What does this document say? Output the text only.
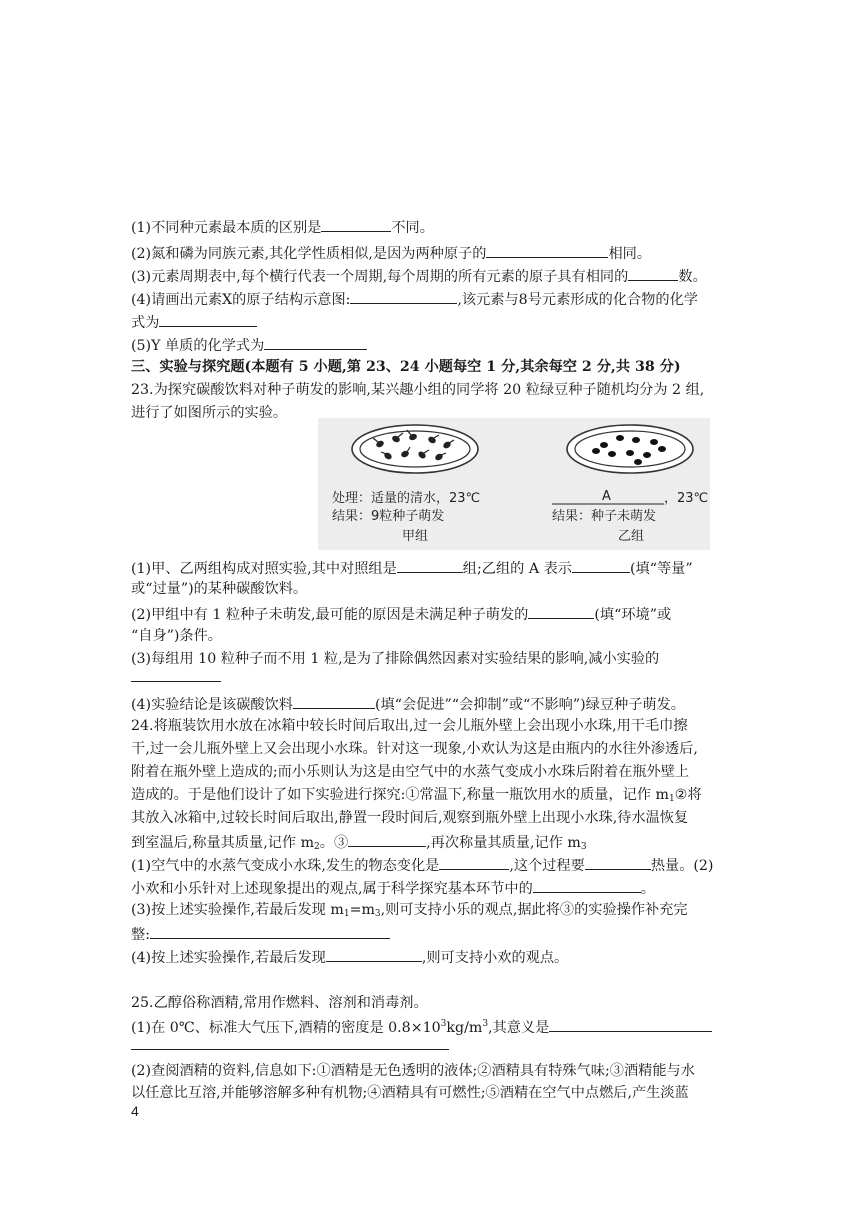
(1)不同种元素最本质的区别是	不同。
(2)氮和磷为同族元素,其化学性质相似,是因为两种原子的	相同。
(3)元素周期表中,每个横行代表一个周期,每个周期的所有元素的原子具有相同的	数。
(4)请画出元素X的原子结构示意图:	,该元素与8号元素形成的化合物的化学
式为
(5)Y 单质的化学式为
三、实验与探究题(本题有 5 小题,第 23、24 小题每空 1 分,其余每空 2 分,共 38 分)
23.为探究碳酸饮料对种子萌发的影响,某兴趣小组的同学将 20 粒绿豆种子随机均分为 2 组,
进行了如图所示的实验。
处理：适量的清水，23℃
结果：9粒种子萌发
甲组
A	，23℃
结果：种子未萌发
乙组
(1)甲、乙两组构成对照实验,其中对照组是	组;乙组的 A 表示	(填“等量”
或“过量”)的某种碳酸饮料。
(2)甲组中有 1 粒种子未萌发,最可能的原因是未满足种子萌发的	(填“环境”或
“自身”)条件。
(3)每组用 10 粒种子而不用 1 粒,是为了排除偶然因素对实验结果的影响,减小实验的
(4)实验结论是该碳酸饮料	(填“会促进”“会抑制”或“不影响”)绿豆种子萌发。
24.将瓶装饮用水放在冰箱中较长时间后取出,过一会儿瓶外壁上会出现小水珠,用干毛巾擦
干,过一会儿瓶外壁上又会出现小水珠。针对这一现象,小欢认为这是由瓶内的水往外渗透后,
附着在瓶外壁上造成的;而小乐则认为这是由空气中的水蒸气变成小水珠后附着在瓶外壁上
造成的。于是他们设计了如下实验进行探究:①常温下,称量一瓶饮用水的质量，记作 $m_1②$将
其放入冰箱中,过较长时间后取出,静置一段时间后,观察到瓶外壁上出现小水珠,待水温恢复
到室温后,称量其质量,记作 $m_2$。③	,再次称量其质量,记作 $m_3$
(1)空气中的水蒸气变成小水珠,发生的物态变化是	,这个过程要	热量。(2)
小欢和小乐针对上述现象提出的观点,属于科学探究基本环节中的	。
(3)按上述实验操作,若最后发现 $m_1=m_3$,则可支持小乐的观点,据此将③的实验操作补充完
整:
(4)按上述实验操作,若最后发现	,则可支持小欢的观点。
25.乙醇俗称酒精,常用作燃料、溶剂和消毒剂。
(1)在 0℃、标准大气压下,酒精的密度是 $0.8\times 10^3kg/m^3$,其意义是
(2)查阅酒精的资料,信息如下:①酒精是无色透明的液体;②酒精具有特殊气味;③酒精能与水
以任意比互溶,并能够溶解多种有机物;④酒精具有可燃性;⑤酒精在空气中点燃后,产生淡蓝
4
